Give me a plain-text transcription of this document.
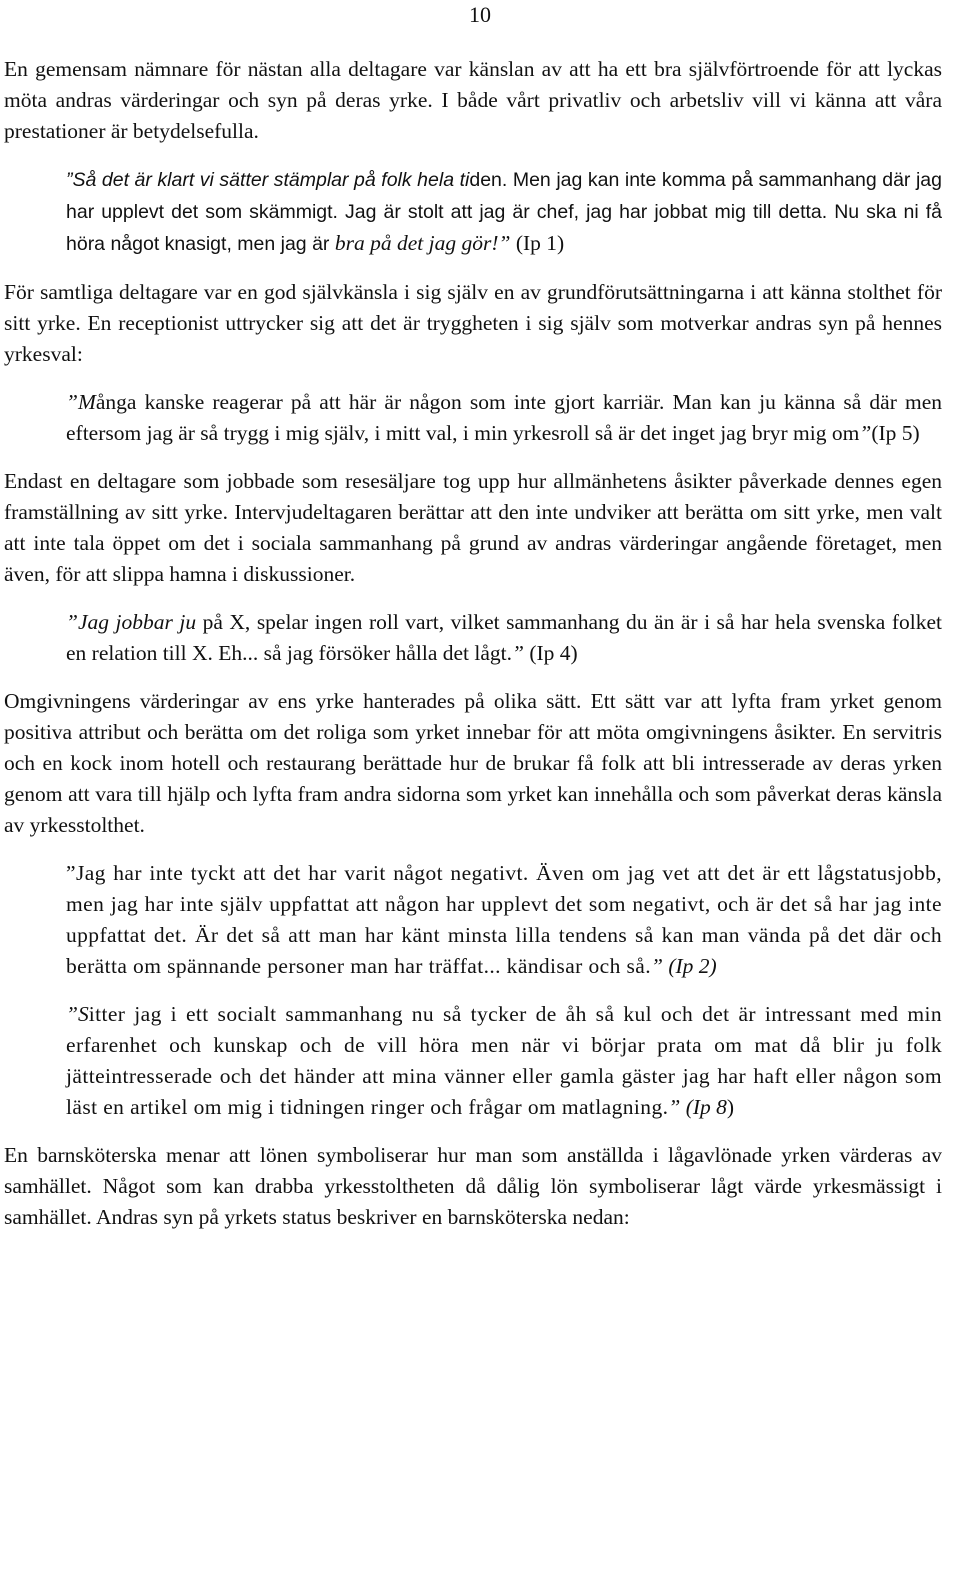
10

En gemensam nämnare för nästan alla deltagare var känslan av att ha ett bra självförtroende för att lyckas möta andras värderingar och syn på deras yrke. I både vårt privatliv och arbetsliv vill vi känna att våra prestationer är betydelsefulla.

”Så det är klart vi sätter stämplar på folk hela tiden. Men jag kan inte komma på sammanhang där jag har upplevt det som skämmigt. Jag är stolt att jag är chef, jag har jobbat mig till detta. Nu ska ni få höra något knasigt, men jag är bra på det jag gör!” (Ip 1)

För samtliga deltagare var en god självkänsla i sig själv en av grundförutsättningarna i att känna stolthet för sitt yrke. En receptionist uttrycker sig att det är tryggheten i sig själv som motverkar andras syn på hennes yrkesval:

”Många kanske reagerar på att här är någon som inte gjort karriär. Man kan ju känna så där men eftersom jag är så trygg i mig själv, i mitt val, i min yrkesroll så är det inget jag bryr mig om”(Ip 5)

Endast en deltagare som jobbade som resesäljare tog upp hur allmänhetens åsikter påverkade dennes egen framställning av sitt yrke. Intervjudeltagaren berättar att den inte undviker att berätta om sitt yrke, men valt att inte tala öppet om det i sociala sammanhang på grund av andras värderingar angående företaget, men även, för att slippa hamna i diskussioner.

”Jag jobbar ju på X, spelar ingen roll vart, vilket sammanhang du än är i så har hela svenska folket en relation till X. Eh... så jag försöker hålla det lågt.” (Ip 4)

Omgivningens värderingar av ens yrke hanterades på olika sätt. Ett sätt var att lyfta fram yrket genom positiva attribut och berätta om det roliga som yrket innebar för att möta omgivningens åsikter. En servitris och en kock inom hotell och restaurang berättade hur de brukar få folk att bli intresserade av deras yrken genom att vara till hjälp och lyfta fram andra sidorna som yrket kan innehålla och som påverkat deras känsla av yrkesstolthet.

”Jag har inte tyckt att det har varit något negativt. Även om jag vet att det är ett lågstatusjobb, men jag har inte själv uppfattat att någon har upplevt det som negativt, och är det så har jag inte uppfattat det. Är det så att man har känt minsta lilla tendens så kan man vända på det där och berätta om spännande personer man har träffat... kändisar och så.” (Ip 2)

”Sitter jag i ett socialt sammanhang nu så tycker de åh så kul och det är intressant med min erfarenhet och kunskap och de vill höra men när vi börjar prata om mat då blir ju folk jätteintresserade och det händer att mina vänner eller gamla gäster jag har haft eller någon som läst en artikel om mig i tidningen ringer och frågar om matlagning.” (Ip 8)

En barnsköterska menar att lönen symboliserar hur man som anställda i lågavlönade yrken värderas av samhället. Något som kan drabba yrkesstoltheten då dålig lön symboliserar lågt värde yrkesmässigt i samhället. Andras syn på yrkets status beskriver en barnsköterska nedan:
